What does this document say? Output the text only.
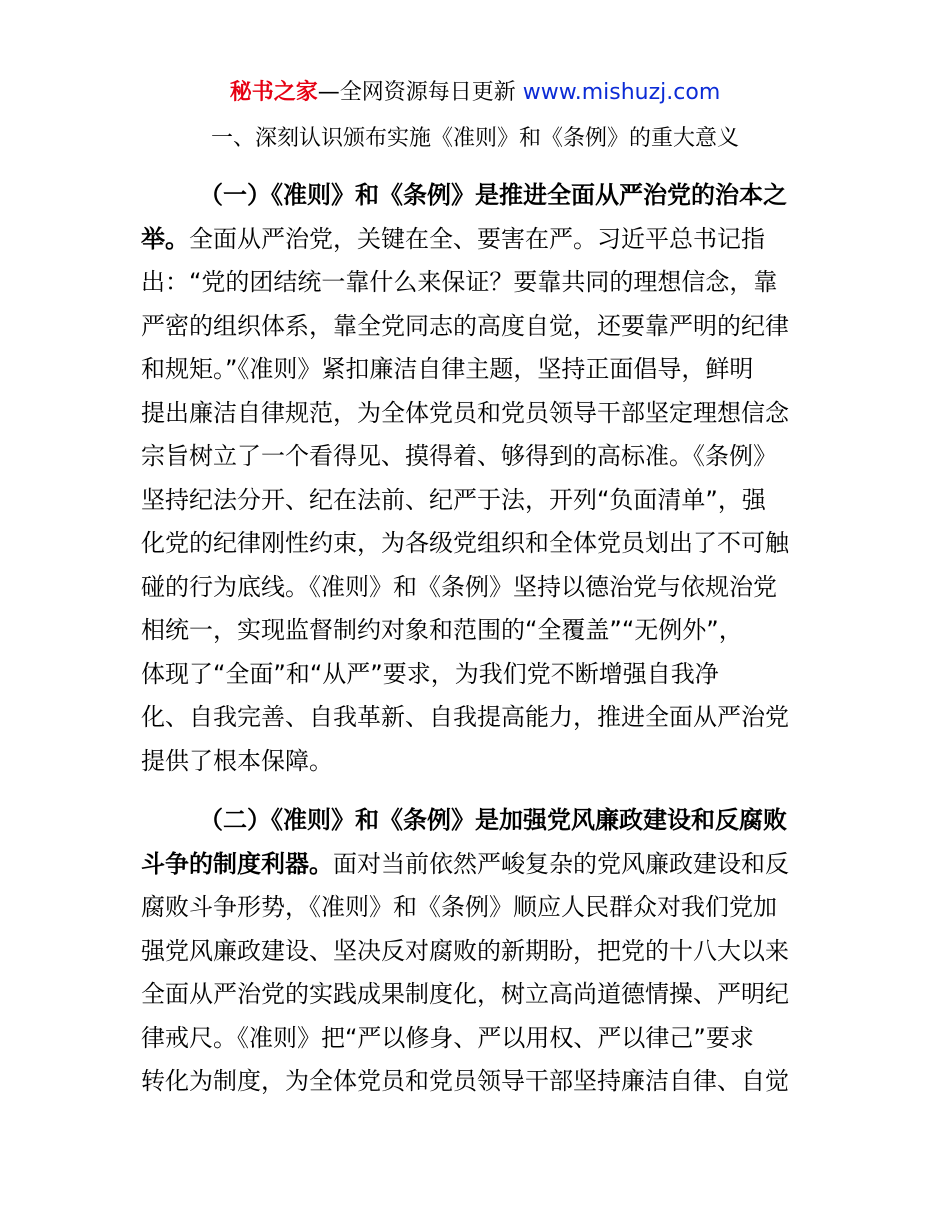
秘书之家—全网资源每日更新 www.mishuzj.com
一、深刻认识颁布实施《准则》和《条例》的重大意义
（一）《准则》和《条例》是推进全面从严治党的治本之
举。全面从严治党，关键在全、要害在严。习近平总书记指
出：“党的团结统一靠什么来保证？要靠共同的理想信念，靠
严密的组织体系，靠全党同志的高度自觉，还要靠严明的纪律
和规矩。”《准则》紧扣廉洁自律主题，坚持正面倡导，鲜明
提出廉洁自律规范，为全体党员和党员领导干部坚定理想信念
宗旨树立了一个看得见、摸得着、够得到的高标准。《条例》
坚持纪法分开、纪在法前、纪严于法，开列“负面清单”，强
化党的纪律刚性约束，为各级党组织和全体党员划出了不可触
碰的行为底线。《准则》和《条例》坚持以德治党与依规治党
相统一，实现监督制约对象和范围的“全覆盖”“无例外”，
体现了“全面”和“从严”要求，为我们党不断增强自我净
化、自我完善、自我革新、自我提高能力，推进全面从严治党
提供了根本保障。
（二）《准则》和《条例》是加强党风廉政建设和反腐败
斗争的制度利器。面对当前依然严峻复杂的党风廉政建设和反
腐败斗争形势，《准则》和《条例》顺应人民群众对我们党加
强党风廉政建设、坚决反对腐败的新期盼，把党的十八大以来
全面从严治党的实践成果制度化，树立高尚道德情操、严明纪
律戒尺。《准则》把“严以修身、严以用权、严以律己”要求
转化为制度，为全体党员和党员领导干部坚持廉洁自律、自觉
